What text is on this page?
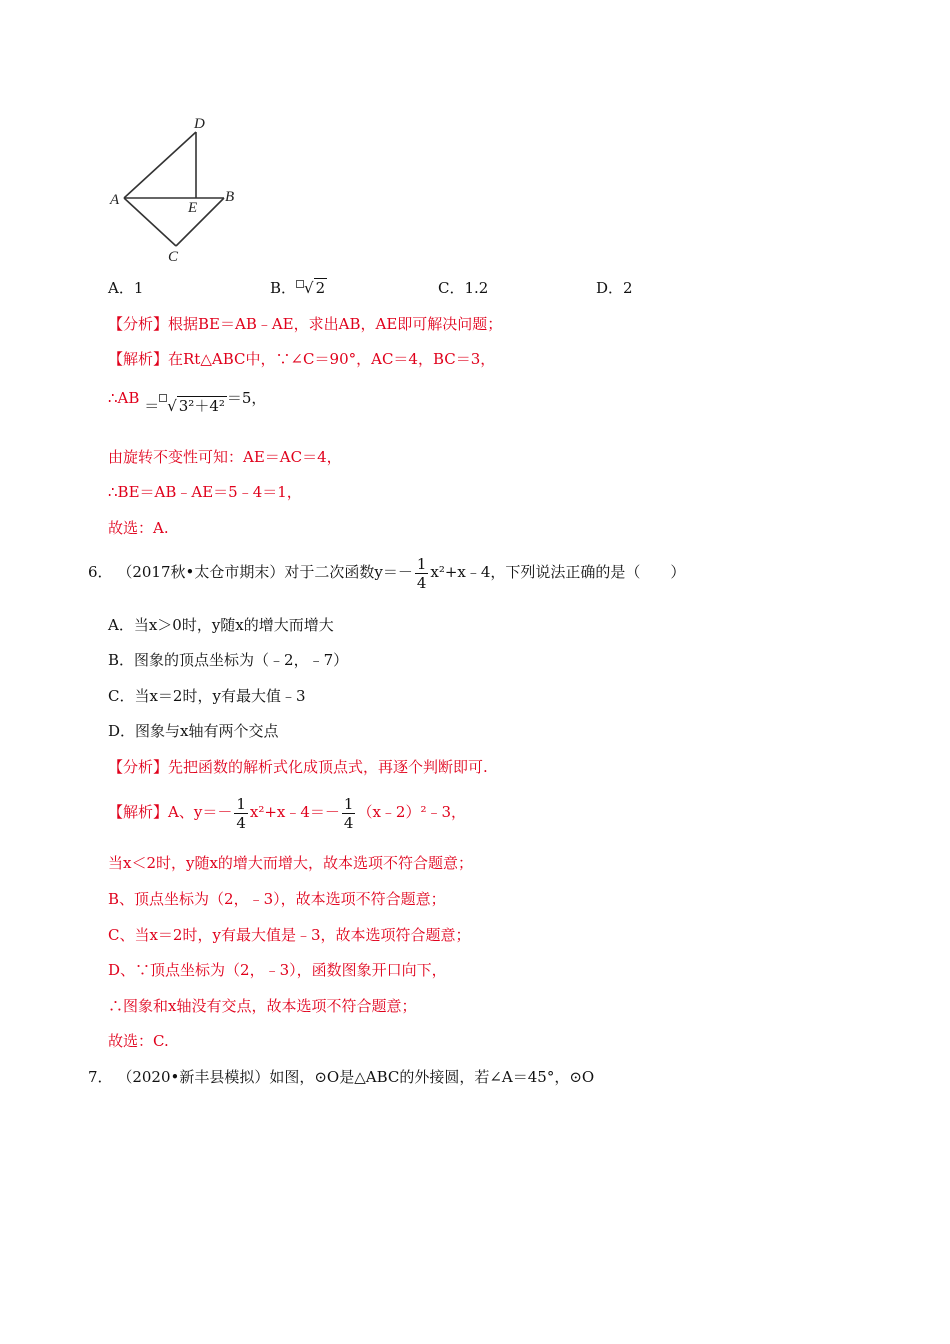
D
A	B
E
C
A．1	B． √ 2	C．1.2	D．2
【分析】根据BE＝AB﹣AE，求出AB，AE即可解决问题；
【解析】在Rt△ABC中，∵∠C＝90°，AC＝4，BC＝3，
∴AB ＝ √ 3²＋4² ＝5，
由旋转不变性可知：AE＝AC＝4，
∴BE＝AB﹣AE＝5﹣4＝1，
故选：A.
6． （2017秋•太仓市期末）对于二次函数$y=- \frac{1}{4}$ x²+x﹣4，下列说法正确的是（　　）
A．当x＞0时，y随x的增大而增大
B．图象的顶点坐标为（﹣2，﹣7）
C．当x＝2时，y有最大值﹣3
D．图象与x轴有两个交点
【分析】先把函数的解析式化成顶点式，再逐个判断即可.
【解析】A、$y=- \frac{1}{4}$ x²+x﹣4＝－ $\frac{1}{4}$ （x﹣2）²﹣3，
当x＜2时，y随x的增大而增大，故本选项不符合题意；
B、顶点坐标为（2，﹣3），故本选项不符合题意；
C、当x＝2时，y有最大值是﹣3，故本选项符合题意；
D、∵顶点坐标为（2，﹣3），函数图象开口向下，
∴图象和x轴没有交点，故本选项不符合题意；
故选：C.
7． （2020•新丰县模拟）如图，⊙O是△ABC的外接圆，若∠A＝45°，⊙O
